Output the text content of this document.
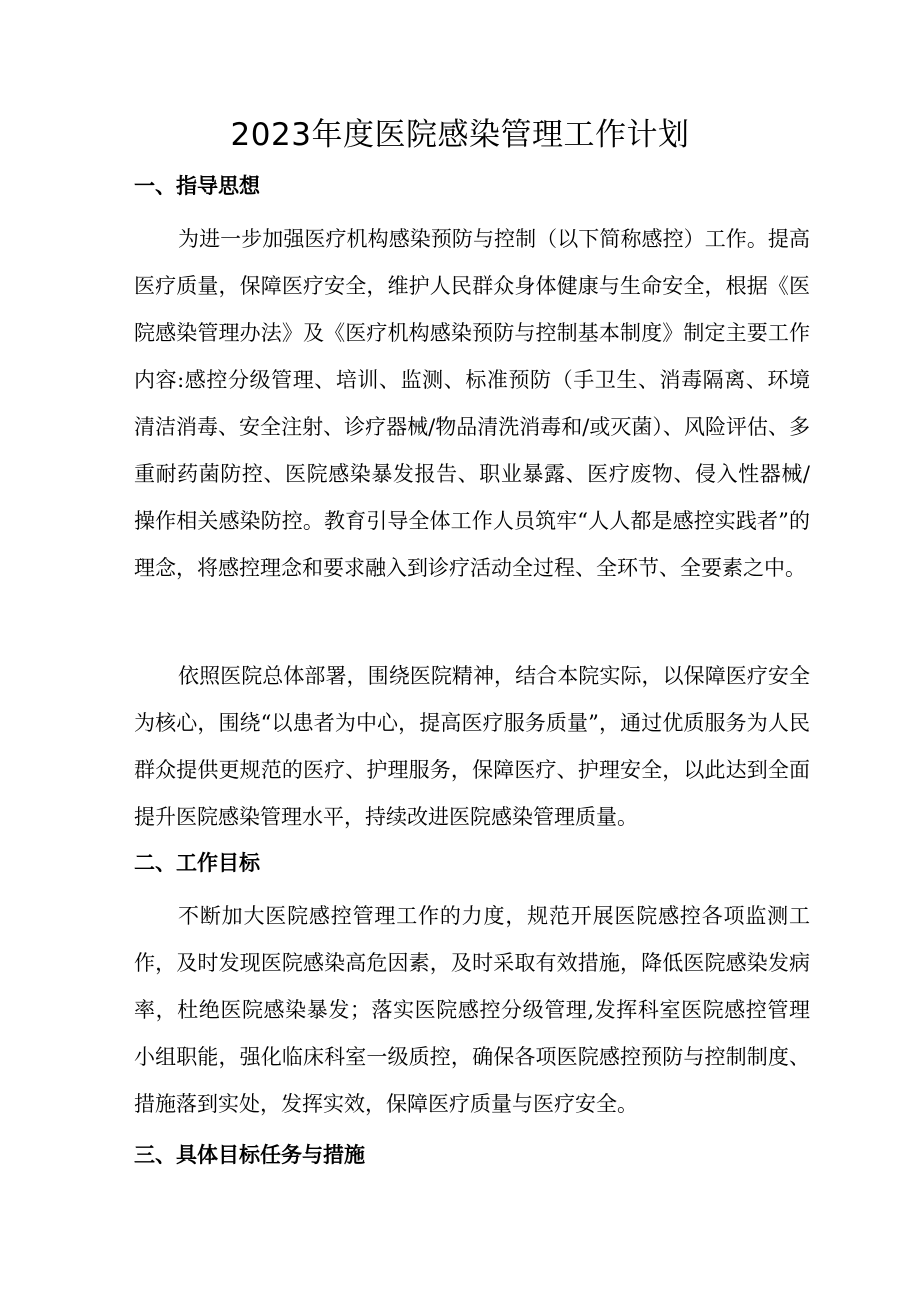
2023年度医院感染管理工作计划
一、指导思想

为进一步加强医疗机构感染预防与控制（以下简称感控）工作。提高医疗质量，保障医疗安全，维护人民群众身体健康与生命安全，根据《医院感染管理办法》及《医疗机构感染预防与控制基本制度》制定主要工作内容:感控分级管理、培训、监测、标准预防（手卫生、消毒隔离、环境清洁消毒、安全注射、诊疗器械/物品清洗消毒和/或灭菌）、风险评估、多重耐药菌防控、医院感染暴发报告、职业暴露、医疗废物、侵入性器械/操作相关感染防控。教育引导全体工作人员筑牢“人人都是感控实践者”的理念，将感控理念和要求融入到诊疗活动全过程、全环节、全要素之中。

依照医院总体部署，围绕医院精神，结合本院实际，以保障医疗安全为核心，围绕“以患者为中心，提高医疗服务质量”，通过优质服务为人民群众提供更规范的医疗、护理服务，保障医疗、护理安全，以此达到全面提升医院感染管理水平，持续改进医院感染管理质量。

二、工作目标

不断加大医院感控管理工作的力度，规范开展医院感控各项监测工作，及时发现医院感染高危因素，及时采取有效措施，降低医院感染发病率，杜绝医院感染暴发；落实医院感控分级管理,发挥科室医院感控管理小组职能，强化临床科室一级质控，确保各项医院感控预防与控制制度、措施落到实处，发挥实效，保障医疗质量与医疗安全。

三、具体目标任务与措施
